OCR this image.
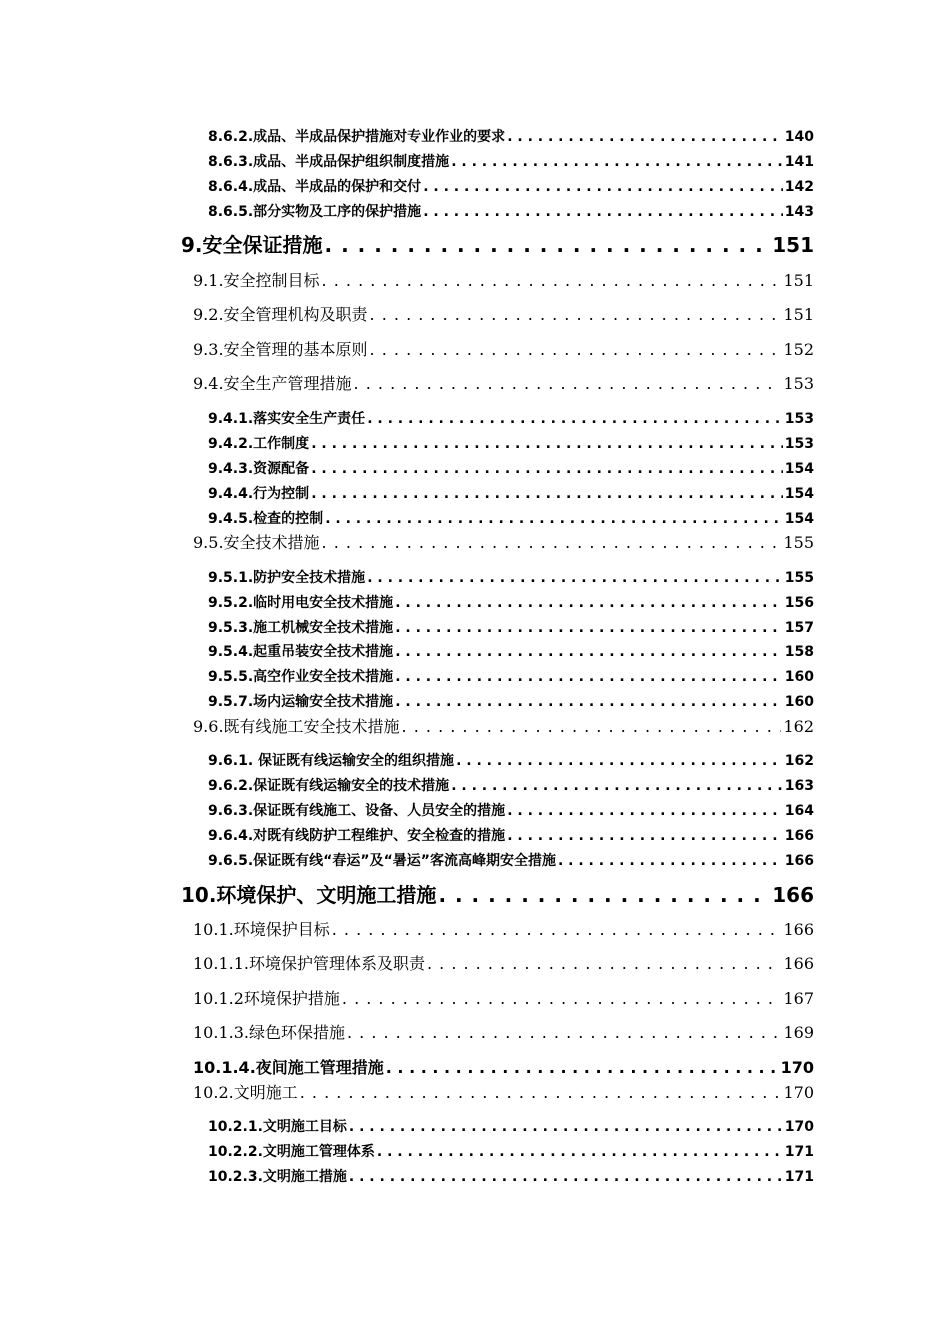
8.6.2.成品、半成品保护措施对专业作业的要求 . . .	140
8.6.3.成品、半成品保护组织制度措施 . . .	141
8.6.4.成品、半成品的保护和交付 . . .	142
8.6.5.部分实物及工序的保护措施 . . .	143
9.安全保证措施 . . .	151
9.1.安全控制目标 . . .	151
9.2.安全管理机构及职责 . . .	151
9.3.安全管理的基本原则 . . .	152
9.4.安全生产管理措施 . . .	153
9.4.1.落实安全生产责任 . . .	153
9.4.2.工作制度 . . .	153
9.4.3.资源配备 . . .	154
9.4.4.行为控制 . . .	154
9.4.5.检查的控制 . . .	154
9.5.安全技术措施 . . .	155
9.5.1.防护安全技术措施 . . .	155
9.5.2.临时用电安全技术措施 . . .	156
9.5.3.施工机械安全技术措施 . . .	157
9.5.4.起重吊装安全技术措施 . . .	158
9.5.5.高空作业安全技术措施 . . .	160
9.5.7.场内运输安全技术措施 . . .	160
9.6.既有线施工安全技术措施 . . .	162
9.6.1. 保证既有线运输安全的组织措施 . . .	162
9.6.2.保证既有线运输安全的技术措施 . . .	163
9.6.3.保证既有线施工、设备、人员安全的措施 . . .	164
9.6.4.对既有线防护工程维护、安全检查的措施 . . .	166
9.6.5.保证既有线“春运”及“暑运”客流高峰期安全措施 . . .	166
10.环境保护、文明施工措施 . . .	166
10.1.环境保护目标 . . .	166
10.1.1.环境保护管理体系及职责 . . .	166
10.1.2环境保护措施 . . .	167
10.1.3.绿色环保措施 . . .	169
10.1.4.夜间施工管理措施 . . .	170
10.2.文明施工 . . .	170
10.2.1.文明施工目标 . . .	170
10.2.2.文明施工管理体系 . . .	171
10.2.3.文明施工措施 . . .	171
